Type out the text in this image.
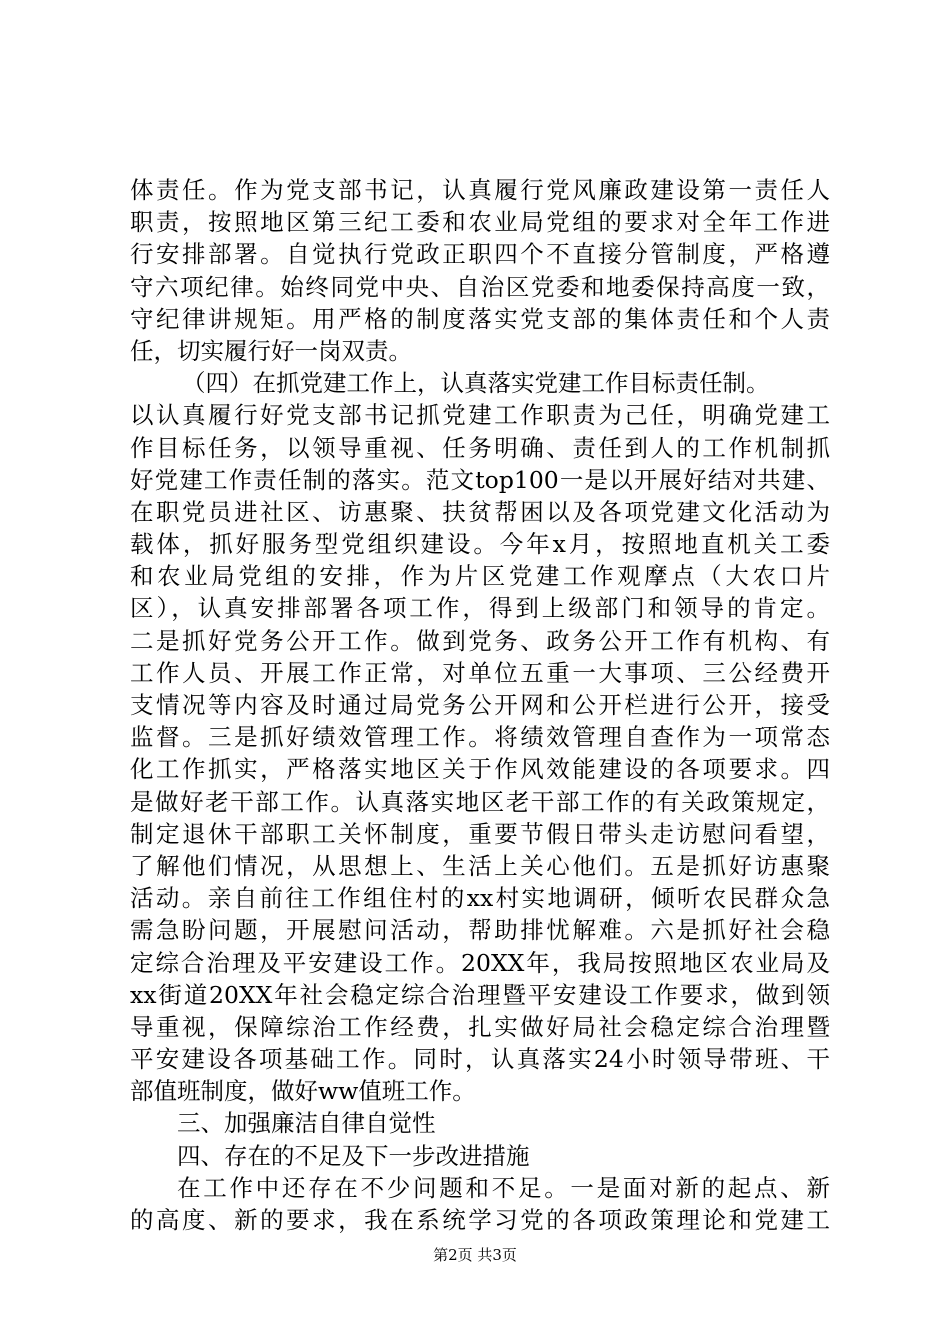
体责任。作为党支部书记，认真履行党风廉政建设第一责任人
职责，按照地区第三纪工委和农业局党组的要求对全年工作进
行安排部署。自觉执行党政正职四个不直接分管制度，严格遵
守六项纪律。始终同党中央、自治区党委和地委保持高度一致，
守纪律讲规矩。用严格的制度落实党支部的集体责任和个人责
任，切实履行好一岗双责。
（四）在抓党建工作上，认真落实党建工作目标责任制。
以认真履行好党支部书记抓党建工作职责为己任，明确党建工
作目标任务，以领导重视、任务明确、责任到人的工作机制抓
好党建工作责任制的落实。范文top100一是以开展好结对共建、
在职党员进社区、访惠聚、扶贫帮困以及各项党建文化活动为
载体，抓好服务型党组织建设。今年x月，按照地直机关工委
和农业局党组的安排，作为片区党建工作观摩点（大农口片
区），认真安排部署各项工作，得到上级部门和领导的肯定。
二是抓好党务公开工作。做到党务、政务公开工作有机构、有
工作人员、开展工作正常，对单位五重一大事项、三公经费开
支情况等内容及时通过局党务公开网和公开栏进行公开，接受
监督。三是抓好绩效管理工作。将绩效管理自查作为一项常态
化工作抓实，严格落实地区关于作风效能建设的各项要求。四
是做好老干部工作。认真落实地区老干部工作的有关政策规定，
制定退休干部职工关怀制度，重要节假日带头走访慰问看望，
了解他们情况，从思想上、生活上关心他们。五是抓好访惠聚
活动。亲自前往工作组住村的xx村实地调研，倾听农民群众急
需急盼问题，开展慰问活动，帮助排忧解难。六是抓好社会稳
定综合治理及平安建设工作。20XX年，我局按照地区农业局及
xx街道20XX年社会稳定综合治理暨平安建设工作要求，做到领
导重视，保障综治工作经费，扎实做好局社会稳定综合治理暨
平安建设各项基础工作。同时，认真落实24小时领导带班、干
部值班制度，做好ww值班工作。
三、加强廉洁自律自觉性
四、存在的不足及下一步改进措施
在工作中还存在不少问题和不足。一是面对新的起点、新
的高度、新的要求，我在系统学习党的各项政策理论和党建工
第2页 共3页
